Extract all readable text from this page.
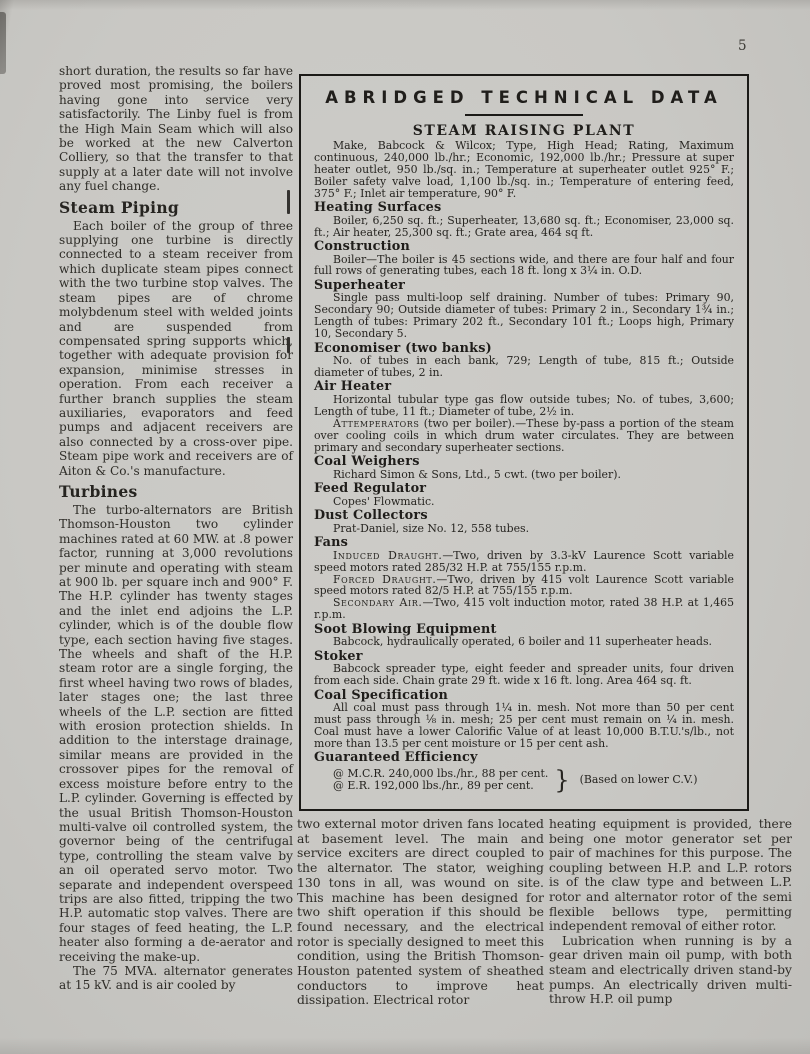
5

short duration, the results so far have proved most promising, the boilers having gone into service very satisfactorily. The Linby fuel is from the High Main Seam which will also be worked at the new Calverton Colliery, so that the transfer to that supply at a later date will not involve any fuel change.

Steam Piping

Each boiler of the group of three supplying one turbine is directly connected to a steam receiver from which duplicate steam pipes connect with the two turbine stop valves. The steam pipes are of chrome molybdenum steel with welded joints and are suspended from compensated spring supports which, together with adequate provision for expansion, minimise stresses in operation. From each receiver a further branch supplies the steam auxiliaries, evaporators and feed pumps and adjacent receivers are also connected by a cross-over pipe. Steam pipe work and receivers are of Aiton & Co.'s manufacture.

Turbines

The turbo-alternators are British Thomson-Houston two cylinder machines rated at 60 MW. at .8 power factor, running at 3,000 revolutions per minute and operating with steam at 900 lb. per square inch and 900° F. The H.P. cylinder has twenty stages and the inlet end adjoins the L.P. cylinder, which is of the double flow type, each section having five stages. The wheels and shaft of the H.P. steam rotor are a single forging, the first wheel having two rows of blades, later stages one; the last three wheels of the L.P. section are fitted with erosion protection shields. In addition to the interstage drainage, similar means are provided in the crossover pipes for the removal of excess moisture before entry to the L.P. cylinder. Governing is effected by the usual British Thomson-Houston multi-valve oil controlled system, the governor being of the centrifugal type, controlling the steam valve by an oil operated servo motor. Two separate and independent overspeed trips are also fitted, tripping the two H.P. automatic stop valves. There are four stages of feed heating, the L.P. heater also forming a de-aerator and receiving the make-up.

The 75 MVA. alternator generates at 15 kV. and is air cooled by

ABRIDGED TECHNICAL DATA
STEAM RAISING PLANT

Make, Babcock & Wilcox; Type, High Head; Rating, Maximum continuous, 240,000 lb./hr.; Economic, 192,000 lb./hr.; Pressure at super heater outlet, 950 lb./sq. in.; Temperature at superheater outlet 925° F.; Boiler safety valve load, 1,100 lb./sq. in.; Temperature of entering feed, 375° F.; Inlet air temperature, 90° F.

Heating Surfaces

Boiler, 6,250 sq. ft.; Superheater, 13,680 sq. ft.; Economiser, 23,000 sq. ft.; Air heater, 25,300 sq. ft.; Grate area, 464 sq ft.

Construction

Boiler—The boiler is 45 sections wide, and there are four half and four full rows of generating tubes, each 18 ft. long x 3¼ in. O.D.

Superheater

Single pass multi-loop self draining. Number of tubes: Primary 90, Secondary 90; Outside diameter of tubes: Primary 2 in., Secondary 1¾ in.; Length of tubes: Primary 202 ft., Secondary 101 ft.; Loops high, Primary 10, Secondary 5.

Economiser (two banks)

No. of tubes in each bank, 729; Length of tube, 815 ft.; Outside diameter of tubes, 2 in.

Air Heater

Horizontal tubular type gas flow outside tubes; No. of tubes, 3,600; Length of tube, 11 ft.; Diameter of tube, 2½ in.

Attemperators (two per boiler).—These by-pass a portion of the steam over cooling coils in which drum water circulates. They are between primary and secondary superheater sections.

Coal Weighers

Richard Simon & Sons, Ltd., 5 cwt. (two per boiler).

Feed Regulator

Copes' Flowmatic.

Dust Collectors

Prat-Daniel, size No. 12, 558 tubes.

Fans

Induced Draught.—Two, driven by 3.3-kV Laurence Scott variable speed motors rated 285/32 H.P. at 755/155 r.p.m.

Forced Draught.—Two, driven by 415 volt Laurence Scott variable speed motors rated 82/5 H.P. at 755/155 r.p.m.

Secondary Air.—Two, 415 volt induction motor, rated 38 H.P. at 1,465 r.p.m.

Soot Blowing Equipment

Babcock, hydraulically operated, 6 boiler and 11 superheater heads.

Stoker

Babcock spreader type, eight feeder and spreader units, four driven from each side. Chain grate 29 ft. wide x 16 ft. long. Area 464 sq. ft.

Coal Specification

All coal must pass through 1¼ in. mesh. Not more than 50 per cent must pass through ⅛ in. mesh; 25 per cent must remain on ¼ in. mesh. Coal must have a lower Calorific Value of at least 10,000 B.T.U.'s/lb., not more than 13.5 per cent moisture or 15 per cent ash.

Guaranteed Efficiency
@ M.C.R. 240,000 lbs./hr., 88 per cent.
@ E.R. 192,000 lbs./hr., 89 per cent. } (Based on lower C.V.)

two external motor driven fans located at basement level. The main and service exciters are direct coupled to the alternator. The stator, weighing 130 tons in all, was wound on site. This machine has been designed for two shift operation if this should be found necessary, and the electrical rotor is specially designed to meet this condition, using the British Thomson-Houston patented system of sheathed conductors to improve heat dissipation. Electrical rotor

heating equipment is provided, there being one motor generator set per pair of machines for this purpose. The coupling between H.P. and L.P. rotors is of the claw type and between L.P. rotor and alternator rotor of the semi flexible bellows type, permitting independent removal of either rotor.

Lubrication when running is by a gear driven main oil pump, with both steam and electrically driven stand-by pumps. An electrically driven multi-throw H.P. oil pump
